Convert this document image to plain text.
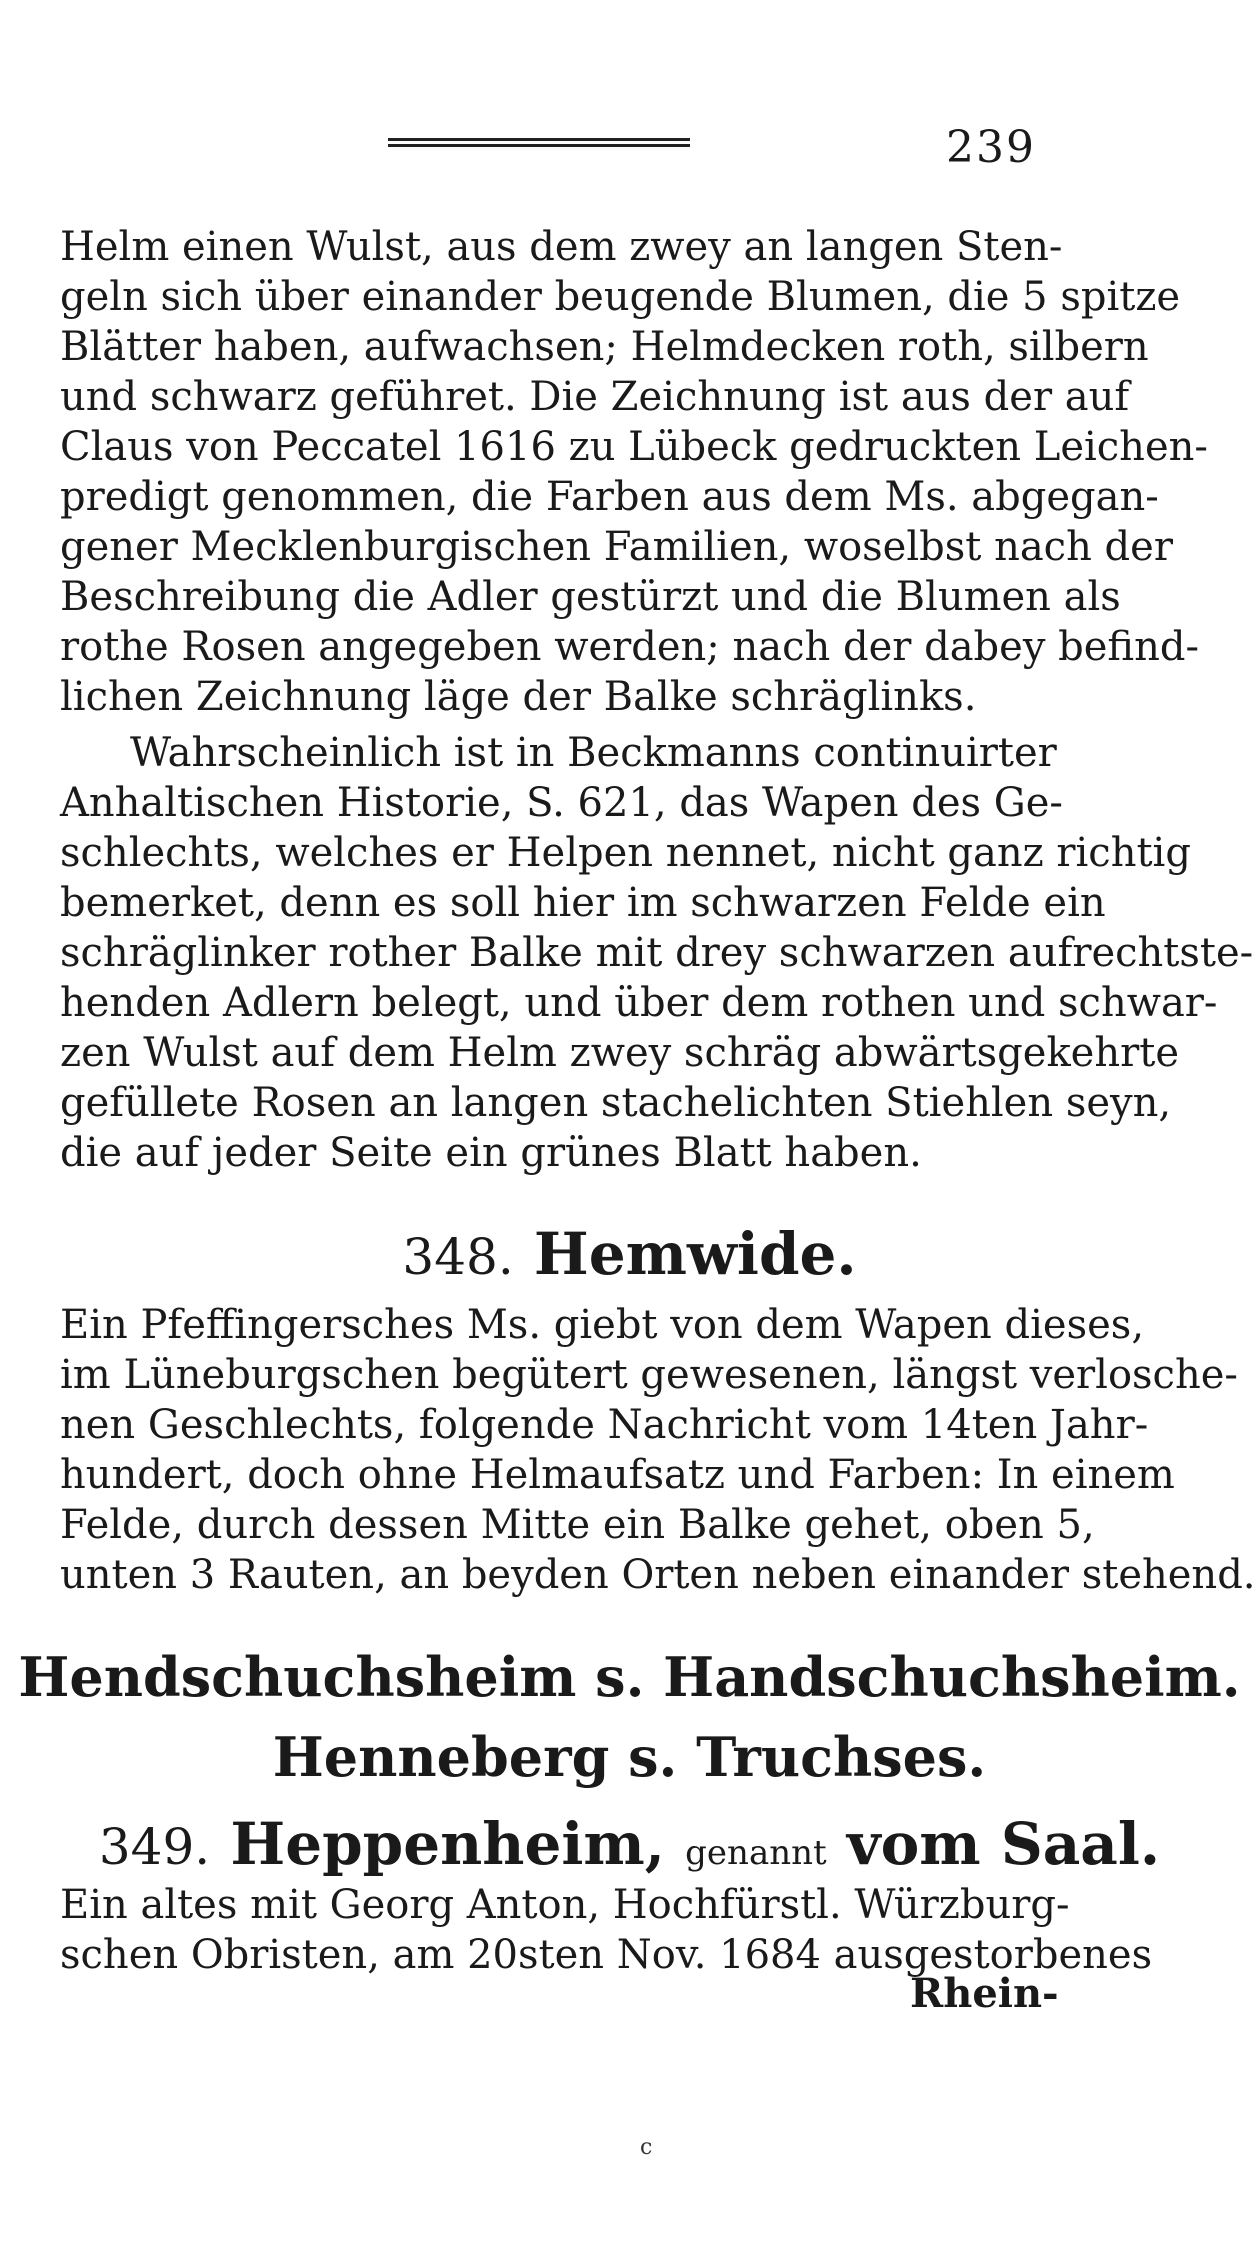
239
Helm einen Wulst, aus dem zwey an langen Sten-
geln sich über einander beugende Blumen, die 5 spitze
Blätter haben, aufwachsen; Helmdecken roth, silbern
und schwarz geführet. Die Zeichnung ist aus der auf
Claus von Peccatel 1616 zu Lübeck gedruckten Leichen-
predigt genommen, die Farben aus dem Ms. abgegan-
gener Mecklenburgischen Familien, woselbst nach der
Beschreibung die Adler gestürzt und die Blumen als
rothe Rosen angegeben werden; nach der dabey befind-
lichen Zeichnung läge der Balke schräglinks.
Wahrscheinlich ist in Beckmanns continuirter
Anhaltischen Historie, S. 621, das Wapen des Ge-
schlechts, welches er Helpen nennet, nicht ganz richtig
bemerket, denn es soll hier im schwarzen Felde ein
schräglinker rother Balke mit drey schwarzen aufrechtste-
henden Adlern belegt, und über dem rothen und schwar-
zen Wulst auf dem Helm zwey schräg abwärtsgekehrte
gefüllete Rosen an langen stachelichten Stiehlen seyn,
die auf jeder Seite ein grünes Blatt haben.
348. Hemwide.
Ein Pfeffingersches Ms. giebt von dem Wapen dieses,
im Lüneburgschen begütert gewesenen, längst verlosche-
nen Geschlechts, folgende Nachricht vom 14ten Jahr-
hundert, doch ohne Helmaufsatz und Farben: In einem
Felde, durch dessen Mitte ein Balke gehet, oben 5,
unten 3 Rauten, an beyden Orten neben einander stehend.
Hendschuchsheim s. Handschuchsheim.
Henneberg s. Truchses.
349. Heppenheim, genannt vom Saal.
Ein altes mit Georg Anton, Hochfürstl. Würzburg-
schen Obristen, am 20sten Nov. 1684 ausgestorbenes
Rhein-
c
